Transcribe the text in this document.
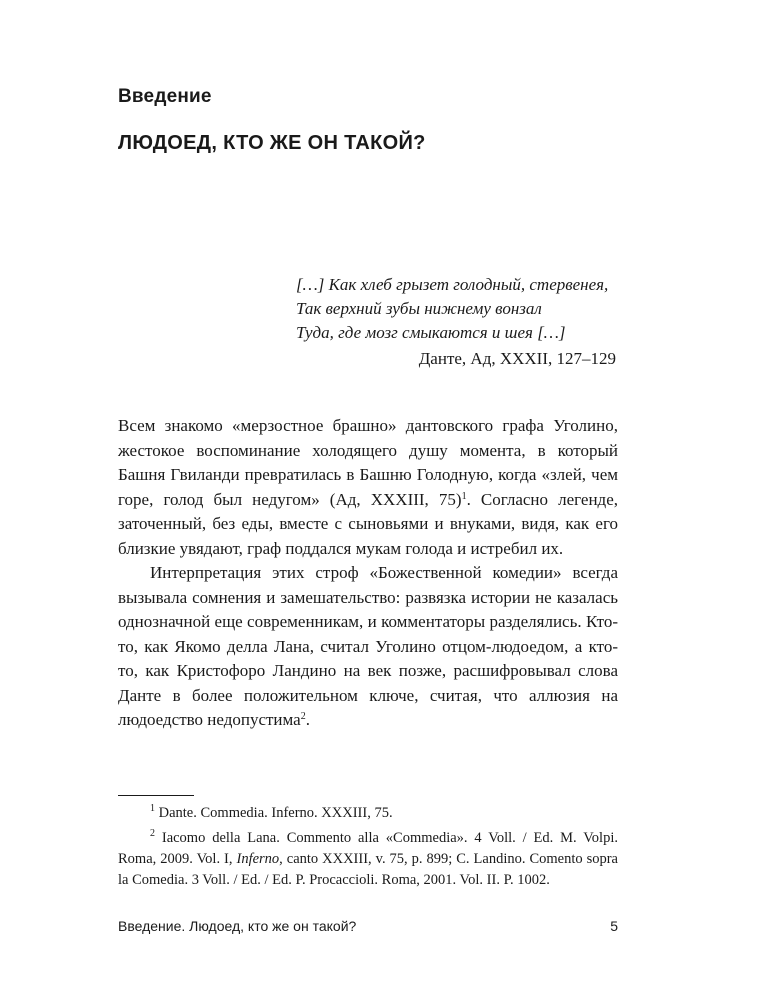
Введение
ЛЮДОЕД, КТО ЖЕ ОН ТАКОЙ?
[…] Как хлеб грызет голодный, стервенея,
Так верхний зубы нижнему вонзал
Туда, где мозг смыкаются и шея […]
Данте, Ад, XXXII, 127–129

Всем знакомо «мерзостное брашно» дантовского графа Уголино, жестокое воспоминание холодящего душу момента, в который Башня Гвиланди превратилась в Башню Голодную, когда «злей, чем горе, голод был недугом» (Ад, XXXIII, 75)$^1$. Согласно легенде, заточенный, без еды, вместе с сыновьями и внуками, видя, как его близкие увядают, граф поддался мукам голода и истребил их.

Интерпретация этих строф «Божественной комедии» всегда вызывала сомнения и замешательство: развязка истории не казалась однозначной еще современникам, и комментаторы разделялись. Кто-то, как Якомо делла Лана, считал Уголино отцом-людоедом, а кто-то, как Кристофоро Ландино на век позже, расшифровывал слова Данте в более положительном ключе, считая, что аллюзия на людоедство недопустима$^2$.

$^1$ Dante. Commedia. Inferno. XXXIII, 75.
$^2$ Iacomo della Lana. Commento alla «Commedia». 4 Voll. / Ed. M. Volpi. Roma, 2009. Vol. I, Inferno, canto XXXIII, v. 75, p. 899; C. Landino. Comento sopra la Comedia. 3 Voll. / Ed. / Ed. P. Procaccioli. Roma, 2001. Vol. II. P. 1002.
Введение. Людоед, кто же он такой?	5
